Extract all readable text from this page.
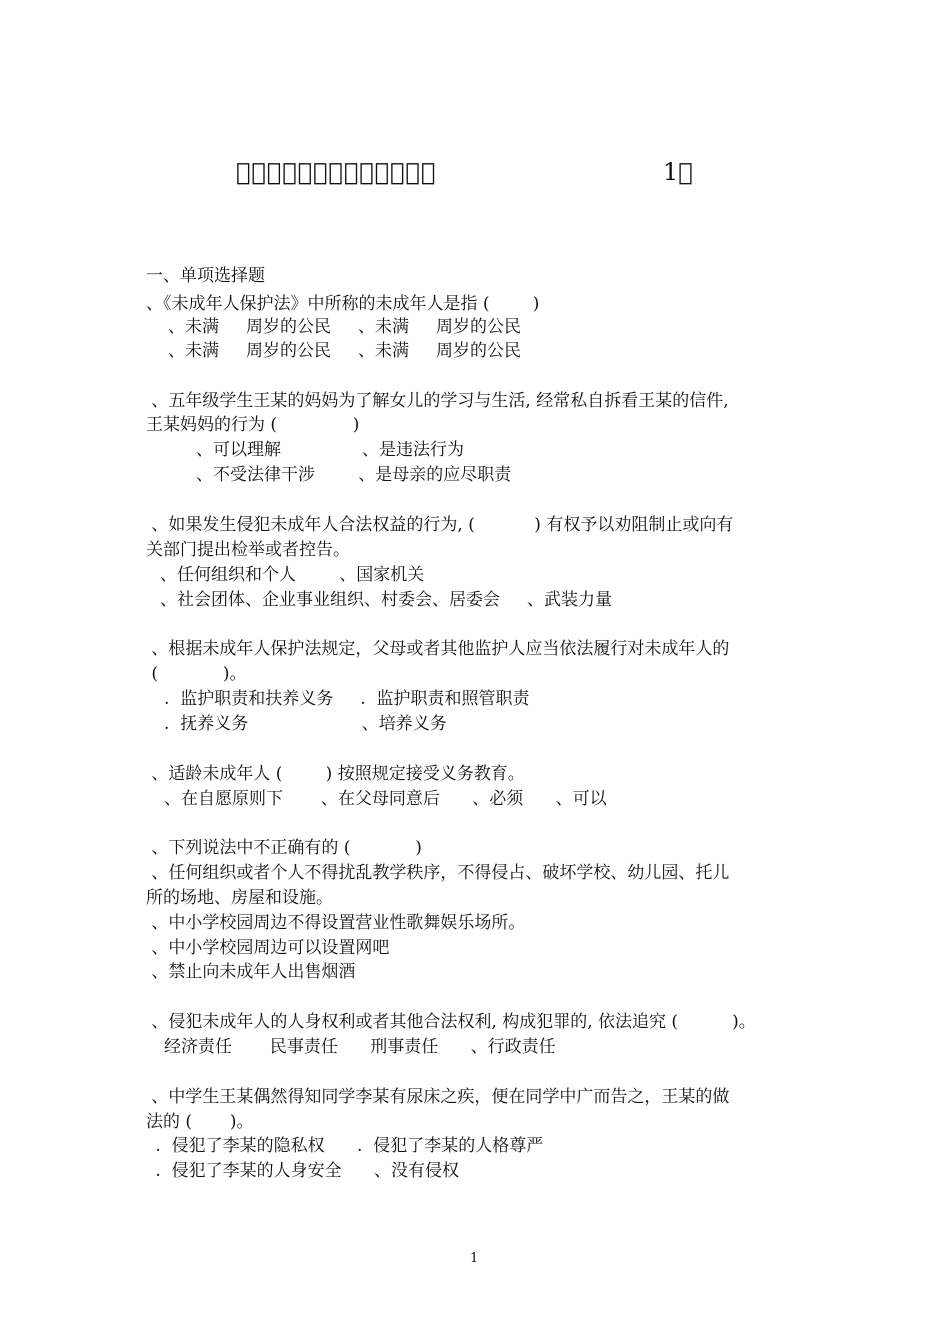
􀀀􀀀􀀀􀀀􀀀􀀀􀀀􀀀􀀀􀀀􀀀􀀀􀀀	1􀀀
一、单项选择题
、《未成年人保护法》中所称的未成年人是指 (        )
、未满     周岁的公民     、未满     周岁的公民
、未满     周岁的公民     、未满     周岁的公民
、五年级学生王某的妈妈为了解女儿的学习与生活, 经常私自拆看王某的信件,
王某妈妈的行为 (              )
、可以理解               、是违法行为
、不受法律干涉        、是母亲的应尽职责
、如果发生侵犯未成年人合法权益的行为, (           ) 有权予以劝阻制止或向有
关部门提出检举或者控告。
、任何组织和个人        、国家机关
、社会团体、企业事业组织、村委会、居委会     、武装力量
、根据未成年人保护法规定，父母或者其他监护人应当依法履行对未成年人的
(            )。
.  监护职责和扶养义务     .  监护职责和照管职责
.  抚养义务                     、培养义务
、适龄未成年人 (        ) 按照规定接受义务教育。
、在自愿原则下       、在父母同意后      、必须      、可以
、下列说法中不正确有的 (            )
、任何组织或者个人不得扰乱教学秩序，不得侵占、破坏学校、幼儿园、托儿
所的场地、房屋和设施。
、中小学校园周边不得设置营业性歌舞娱乐场所。
、中小学校园周边可以设置网吧
、禁止向未成年人出售烟酒
、侵犯未成年人的人身权利或者其他合法权利, 构成犯罪的, 依法追究 (          )。
经济责任       民事责任      刑事责任      、行政责任
、中学生王某偶然得知同学李某有尿床之疾，便在同学中广而告之，王某的做
法的 (       )。
.  侵犯了李某的隐私权      .  侵犯了李某的人格尊严
.  侵犯了李某的人身安全      、没有侵权
1
